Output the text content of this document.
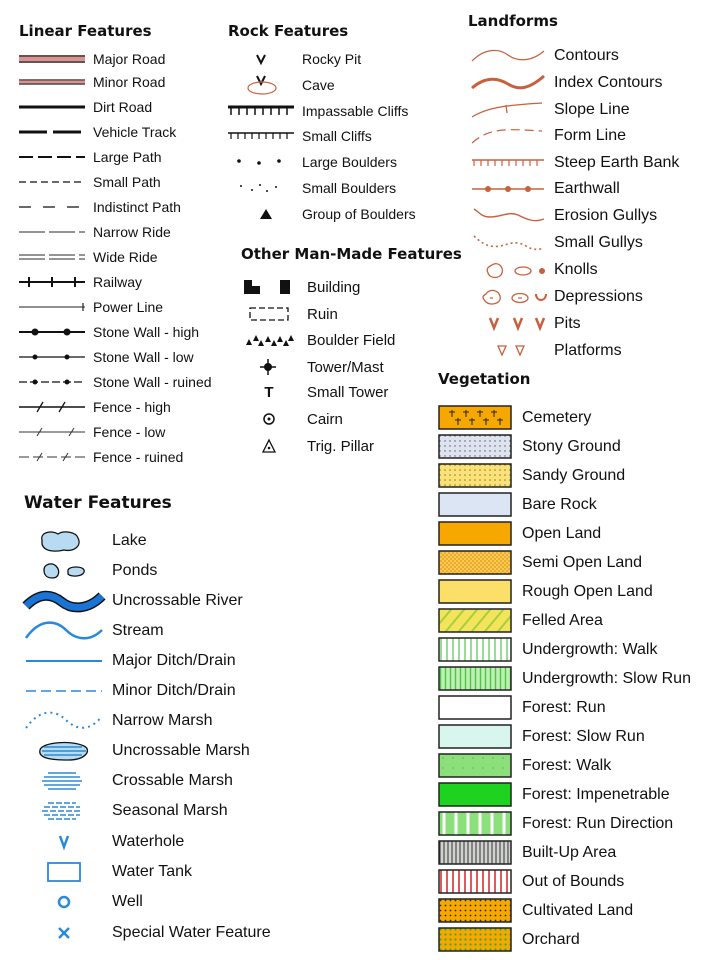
Linear Features
Major Road
Minor Road
Dirt Road
Vehicle Track
Large Path
Small Path
Indistinct Path
Narrow Ride
Wide Ride
Railway
Power Line
Stone Wall - high
Stone Wall - low
Stone Wall - ruined
Fence - high
Fence - low
Fence - ruined
Rock Features
Rocky Pit
Cave
Impassable Cliffs
Small Cliffs
Large Boulders
Small Boulders
Group of Boulders
Other Man-Made Features
Building
Ruin
Boulder Field
Tower/Mast
T	Small Tower
Cairn
Trig. Pillar
Landforms
Contours
Index Contours
Slope Line
Form Line
Steep Earth Bank
Earthwall
Erosion Gullys
Small Gullys
Knolls
Depressions
Pits
Platforms
Water Features
Lake
Ponds
Uncrossable River
Stream
Major Ditch/Drain
Minor Ditch/Drain
Narrow Marsh
Uncrossable Marsh
Crossable Marsh
Seasonal Marsh
Waterhole
Water Tank
Well
Special Water Feature
Vegetation
Cemetery
Stony Ground
Sandy Ground
Bare Rock
Open Land
Semi Open Land
Rough Open Land
Felled Area
Undergrowth: Walk
Undergrowth: Slow Run
Forest: Run
Forest: Slow Run
Forest: Walk
Forest: Impenetrable
Forest: Run Direction
Built-Up Area
Out of Bounds
Cultivated Land
Orchard
